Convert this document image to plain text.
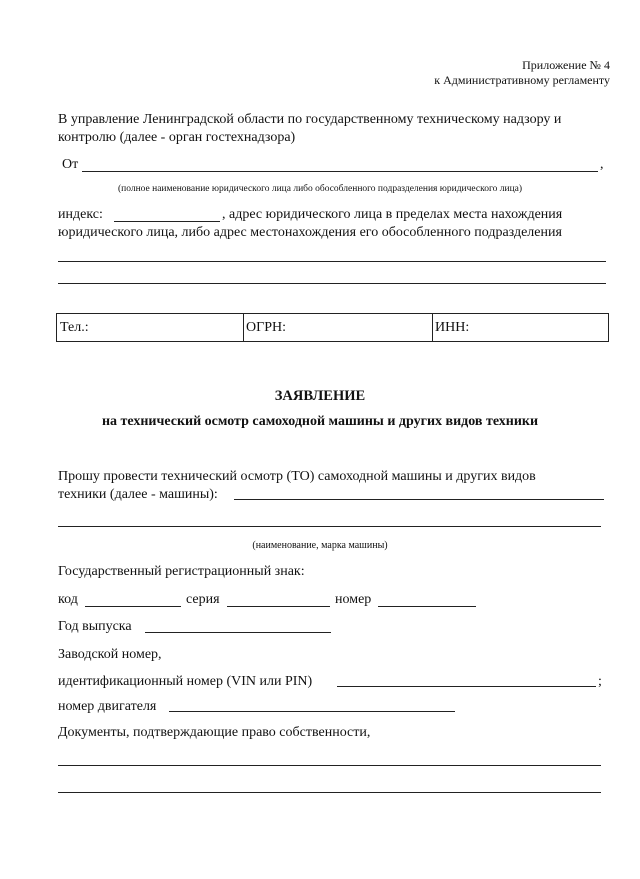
Приложение № 4
к Административному регламенту
В управление Ленинградской области по государственному техническому надзору и
контролю (далее - орган гостехнадзора)
От	,
(полное наименование юридического лица либо обособленного подразделения юридического лица)
индекс:	, адрес юридического лица в пределах места нахождения
юридического лица, либо адрес местонахождения его обособленного подразделения
Тел.:	ОГРН:	ИНН:
ЗАЯВЛЕНИЕ
на технический осмотр самоходной машины и других видов техники
Прошу провести технический осмотр (ТО) самоходной машины и других видов
техники (далее - машины):
(наименование, марка машины)
Государственный регистрационный знак:
код	серия	номер
Год выпуска
Заводской номер,
идентификационный номер (VIN или PIN)	;
номер двигателя
Документы, подтверждающие право собственности,
